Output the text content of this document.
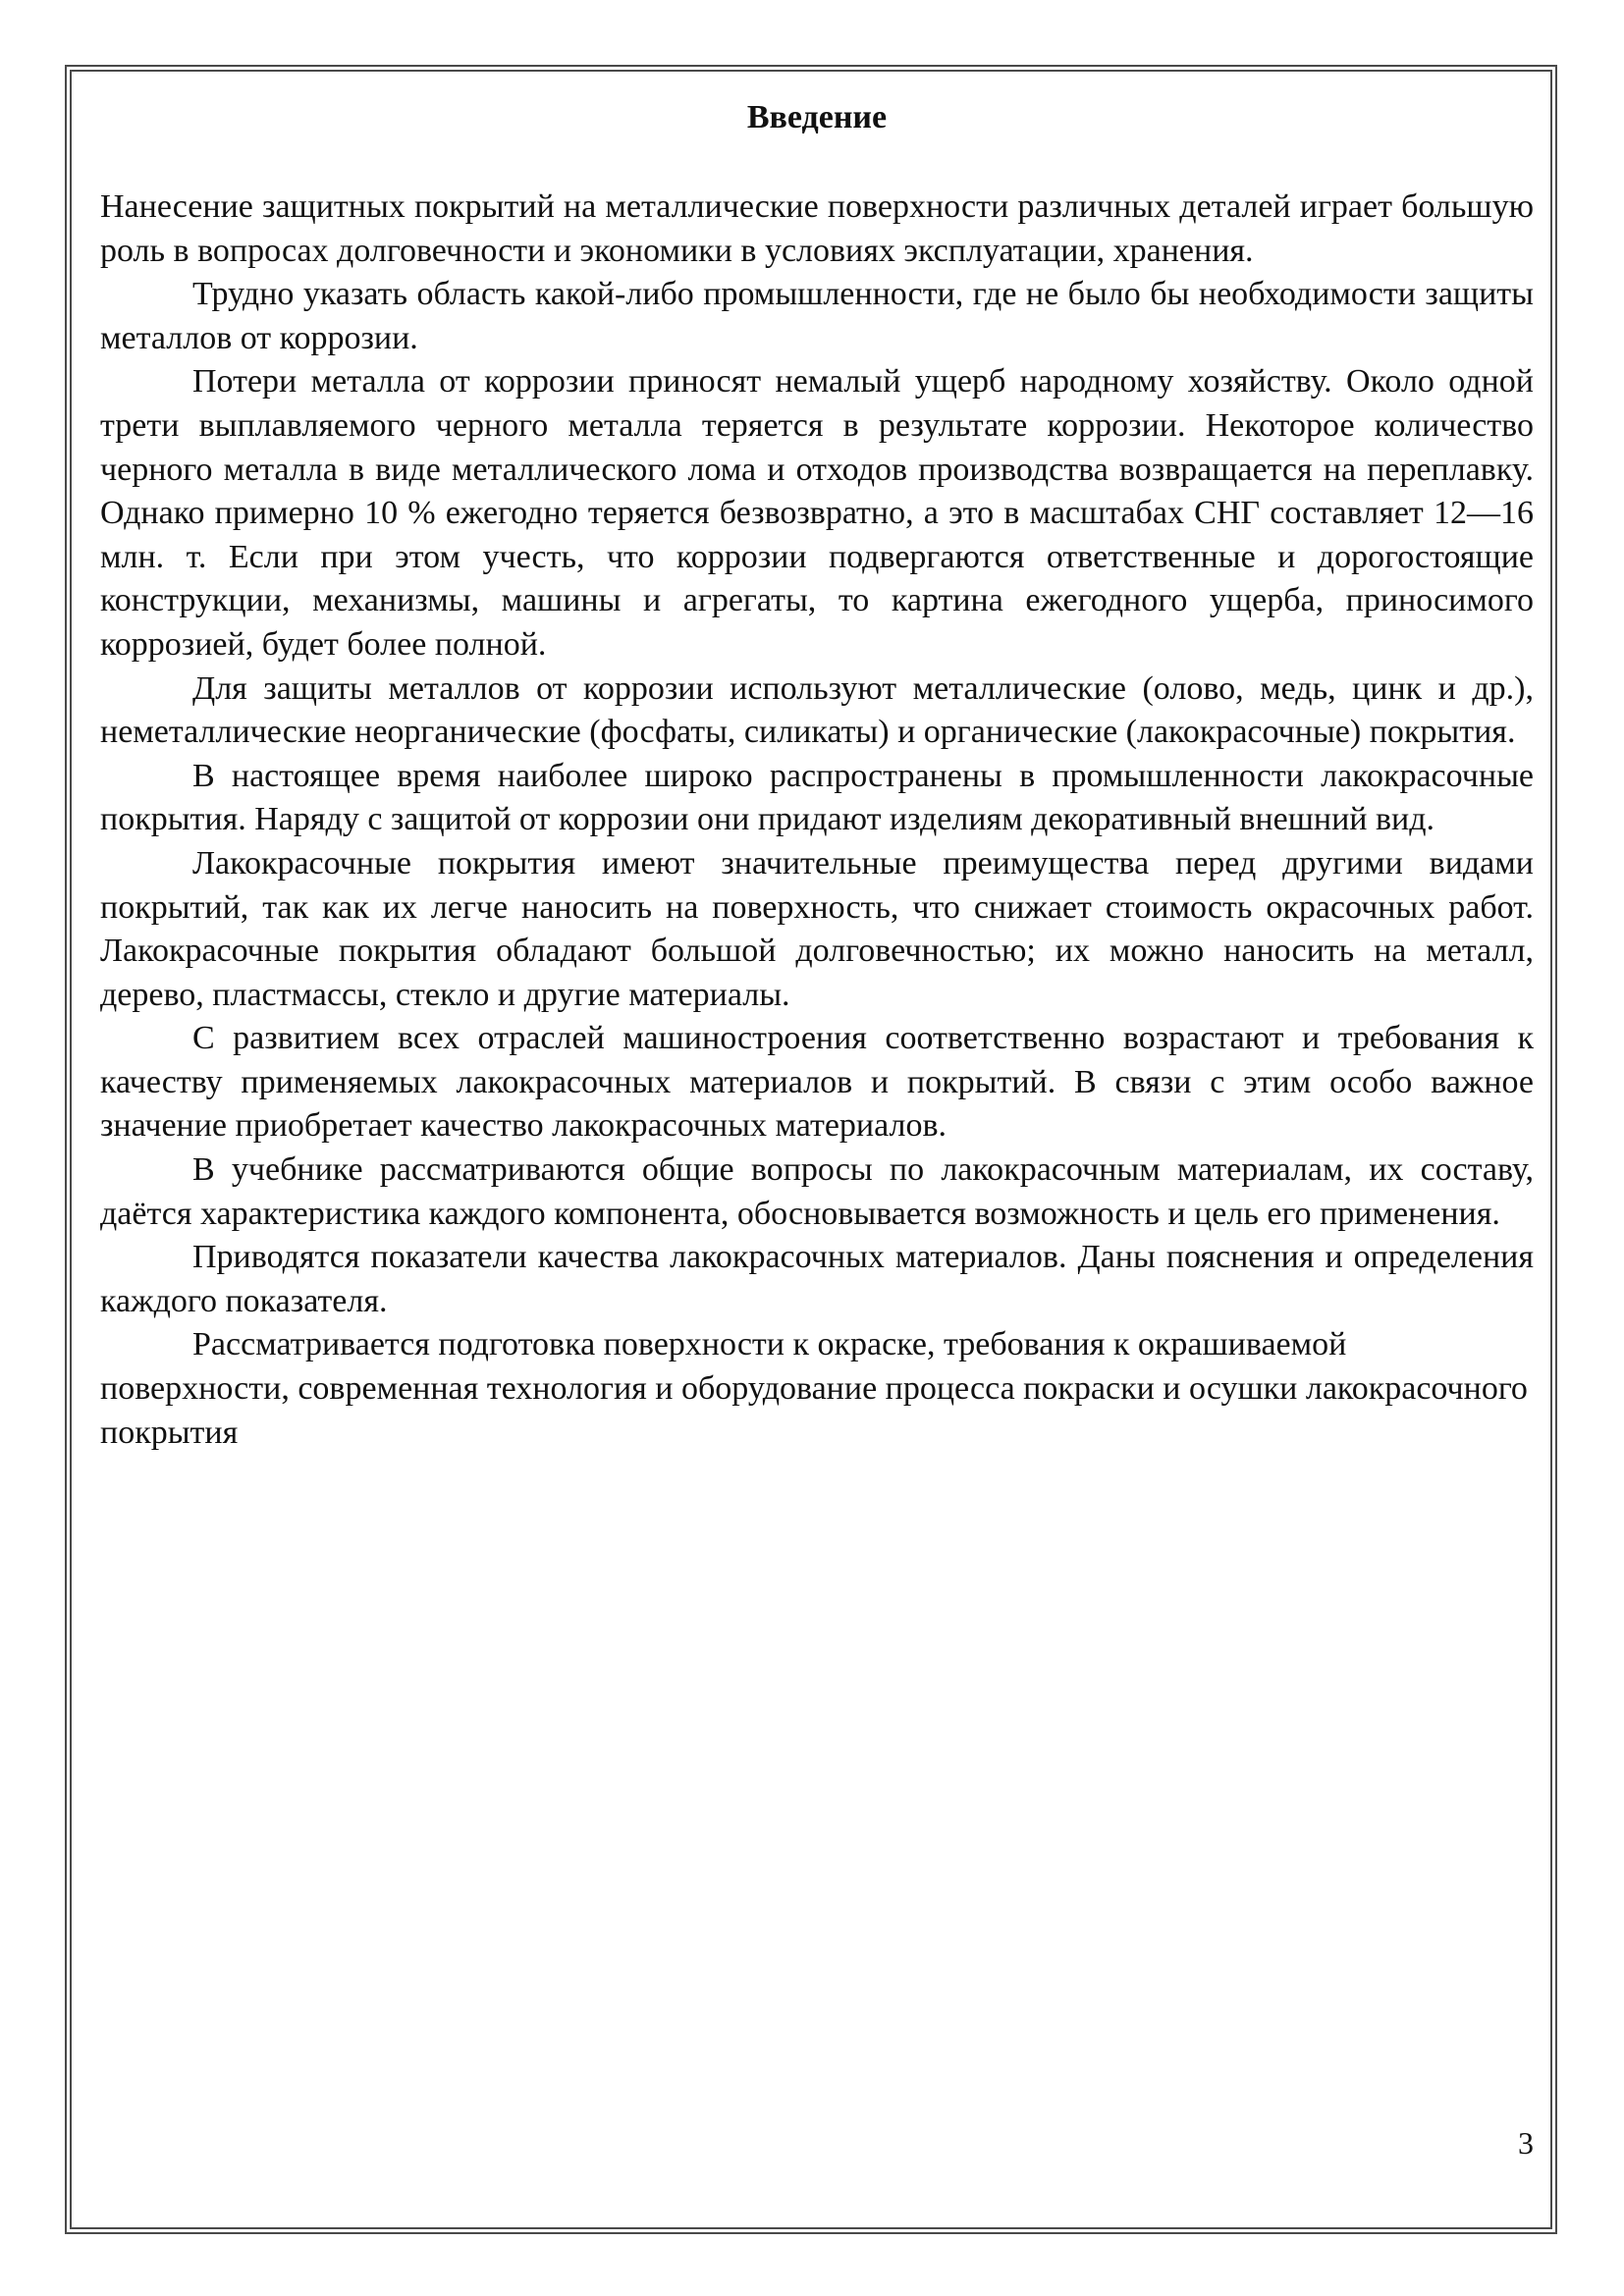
Введение

Нанесение защитных покрытий на металлические поверхности различных деталей играет большую роль в вопросах долговечности и экономики в условиях эксплуатации, хранения.

Трудно указать область какой-либо промышленности, где не было бы необходимости защиты металлов от коррозии.

Потери металла от коррозии приносят немалый ущерб народному хозяйству. Около одной трети выплавляемого черного металла теряется в результате коррозии. Некоторое количество черного металла в виде металлического лома и отходов производства возвращается на переплавку. Однако примерно 10 % ежегодно теряется безвозвратно, а это в масштабах СНГ составляет 12—16 млн. т. Если при этом учесть, что коррозии подвергаются ответственные и дорогостоящие конструкции, механизмы, машины и агрегаты, то картина ежегодного ущерба, приносимого коррозией, будет более полной.

Для защиты металлов от коррозии используют металлические (олово, медь, цинк и др.), неметаллические неорганические (фосфаты, силикаты) и органические (лакокрасочные) покрытия.

В настоящее время наиболее широко распространены в промышленности лакокрасочные покрытия. Наряду с защитой от коррозии они придают изделиям декоративный внешний вид.

Лакокрасочные покрытия имеют значительные преимущества перед другими видами покрытий, так как их легче наносить на поверхность, что снижает стоимость окрасочных работ. Лакокрасочные покрытия обладают большой долговечностью; их можно наносить на металл, дерево, пластмассы, стекло и другие материалы.

С развитием всех отраслей машиностроения соответственно возрастают и требования к качеству применяемых лакокрасочных материалов и покрытий. В связи с этим особо важное значение приобретает качество лакокрасочных материалов.

В учебнике рассматриваются общие вопросы по лакокрасочным материалам, их составу, даётся характеристика каждого компонента, обосновывается возможность и цель его применения.

Приводятся показатели качества лакокрасочных материалов. Даны пояснения и определения каждого показателя.

Рассматривается подготовка поверхности к окраске, требования к окрашиваемой поверхности, современная технология и оборудование процесса покраски и осушки лакокрасочного покрытия

3
